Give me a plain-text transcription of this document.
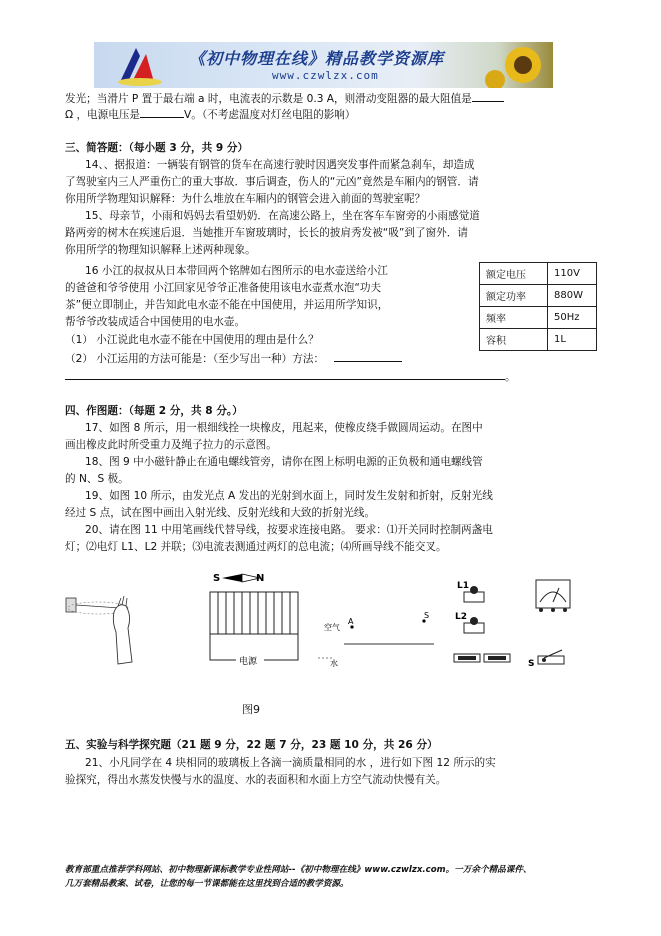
《初中物理在线》精品教学资源库
www.czwlzx.com
发光；当滑片 P 置于最右端 a 时，电流表的示数是 0.3 A，则滑动变阻器的最大阻值是
Ω ，电源电压是	V。（不考虑温度对灯丝电阻的影响）
三、简答题：（每小题 3 分，共 9 分）
14、、据报道：一辆装有钢管的货车在高速行驶时因遇突发事件而紧急刹车，却造成
了驾驶室内三人严重伤亡的重大事故．事后调查，伤人的“元凶”竟然是车厢内的钢管．请
你用所学物理知识解释：为什么堆放在车厢内的钢管会进入前面的驾驶室呢？
15、母亲节，小雨和妈妈去看望奶奶．在高速公路上，坐在客车车窗旁的小雨感觉道
路两旁的树木在疾速后退．当她推开车窗玻璃时，长长的披肩秀发被“吸”到了窗外．请
你用所学的物理知识解释上述两种现象。
16 小江的叔叔从日本带回两个铭牌如右图所示的电水壶送给小江
的爸爸和爷爷使用 小江回家见爷爷正准备使用该电水壶煮水泡“功夫
茶”便立即制止，并告知此电水壶不能在中国使用，并运用所学知识，
帮爷爷改装成适合中国使用的电水壶。
（1） 小江说此电水壶不能在中国使用的理由是什么？
（2） 小江运用的方法可能是：（至少写出一种）方法：
。
额定电压	110V
额定功率	880W
频率	50Hz
容积	1L
四、作图题：（每题 2 分，共 8 分。）
17、如图 8 所示，用一根细线拴一块橡皮，甩起来，使橡皮绕手做圆周运动。在图中
画出橡皮此时所受重力及绳子拉力的示意图。
18、图 9 中小磁针静止在通电螺线管旁，请你在图上标明电源的正负极和通电螺线管
的 N、S 极。
19、如图 10 所示，由发光点 A 发出的光射到水面上，同时发生发射和折射，反射光线
经过 S 点，试在图中画出入射光线、反射光线和大致的折射光线。
20、请在图 11 中用笔画线代替导线，按要求连接电路。 要求：⑴开关同时控制两盏电
灯；⑵电灯 L1、L2 并联；⑶电流表测通过两灯的总电流；⑷所画导线不能交叉。
S	N
电源
空气
A
S
水
L1
L2
S
图9
五、实验与科学探究题（21 题 9 分，22 题 7 分，23 题 10 分，共 26 分）
21、小凡同学在 4 块相同的玻璃板上各滴一滴质量相同的水 ，进行如下图 12 所示的实
验探究，得出水蒸发快慢与水的温度、水的表面积和水面上方空气流动快慢有关。
教育部重点推荐学科网站、初中物理新课标教学专业性网站--《初中物理在线》www.czwlzx.com。一万余个精品课件、
几万套精品教案、试卷，让您的每一节课都能在这里找到合适的教学资源。
